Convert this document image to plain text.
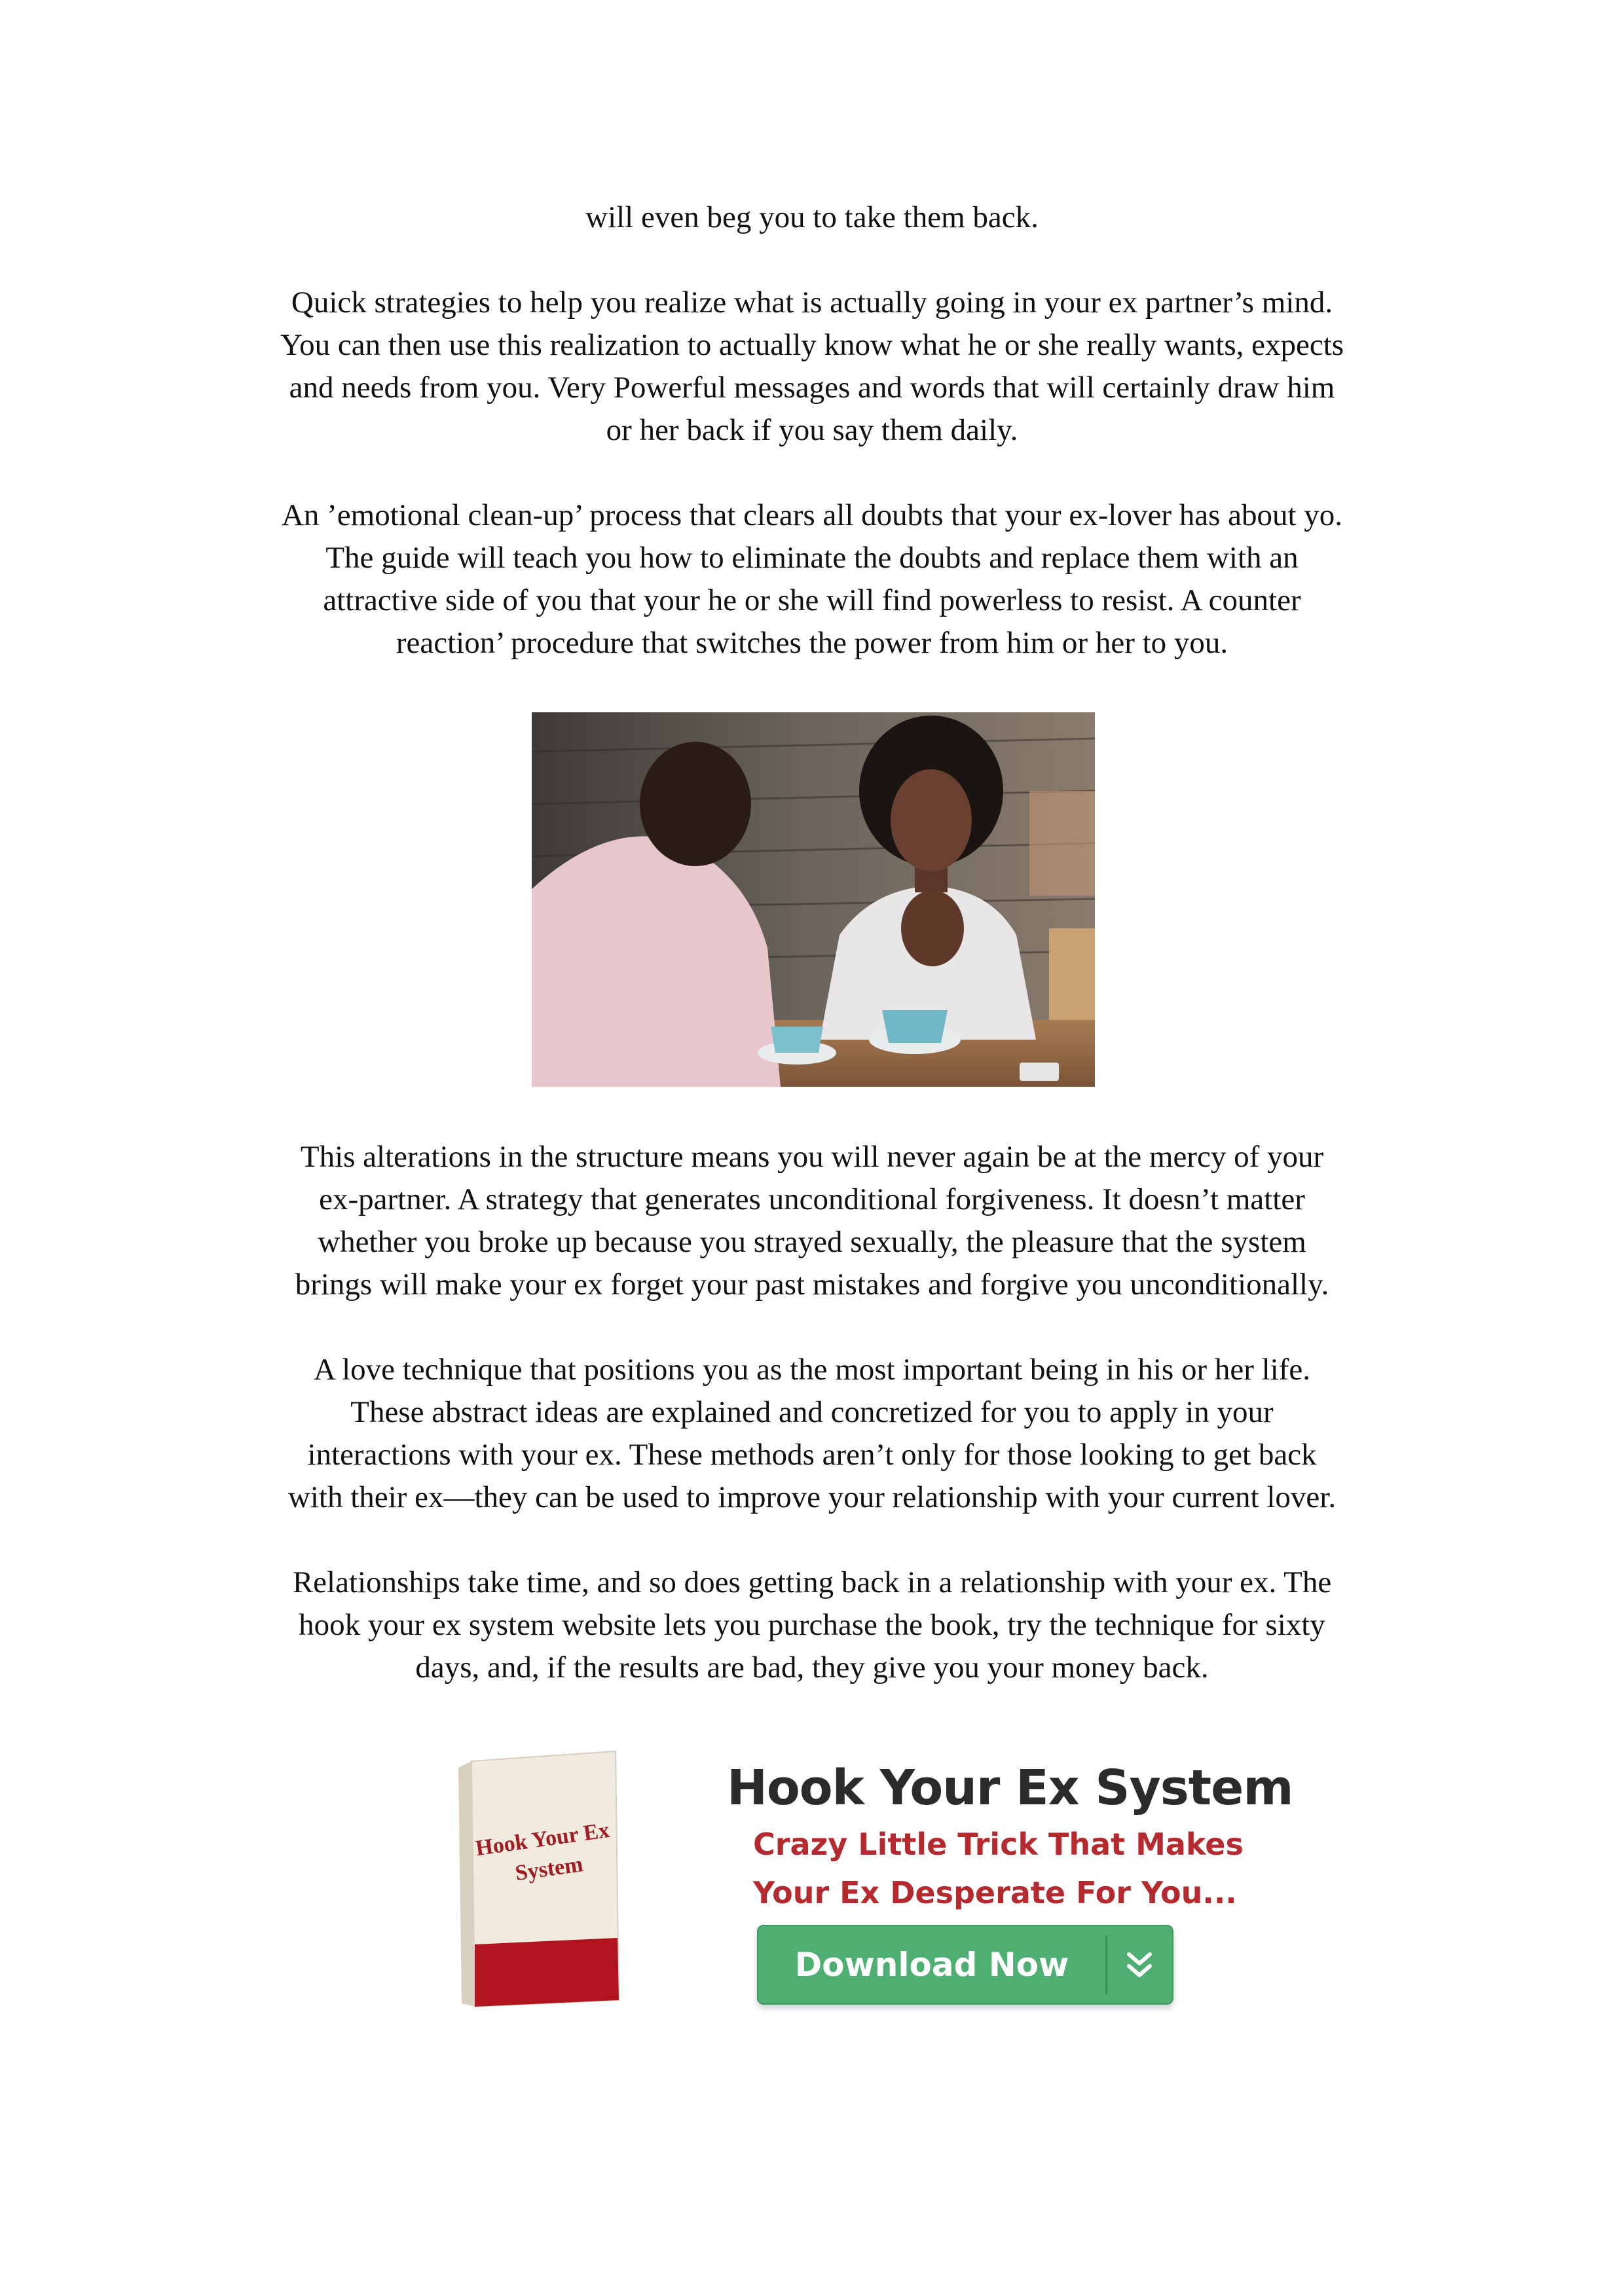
will even beg you to take them back.

Quick strategies to help you realize what is actually going in your ex partner’s mind.
You can then use this realization to actually know what he or she really wants, expects
and needs from you. Very Powerful messages and words that will certainly draw him
or her back if you say them daily.

An ’emotional clean-up’ process that clears all doubts that your ex-lover has about yo.
The guide will teach you how to eliminate the doubts and replace them with an
attractive side of you that your he or she will find powerless to resist. A counter
reaction’ procedure that switches the power from him or her to you.

This alterations in the structure means you will never again be at the mercy of your
ex-partner. A strategy that generates unconditional forgiveness. It doesn’t matter
whether you broke up because you strayed sexually, the pleasure that the system
brings will make your ex forget your past mistakes and forgive you unconditionally.

A love technique that positions you as the most important being in his or her life.
These abstract ideas are explained and concretized for you to apply in your
interactions with your ex. These methods aren’t only for those looking to get back
with their ex—they can be used to improve your relationship with your current lover.

Relationships take time, and so does getting back in a relationship with your ex. The
hook your ex system website lets you purchase the book, try the technique for sixty
days, and, if the results are bad, they give you your money back.

Hook Your Ex
System
Hook Your Ex System
Crazy Little Trick That Makes
Your Ex Desperate For You...
Download Now
